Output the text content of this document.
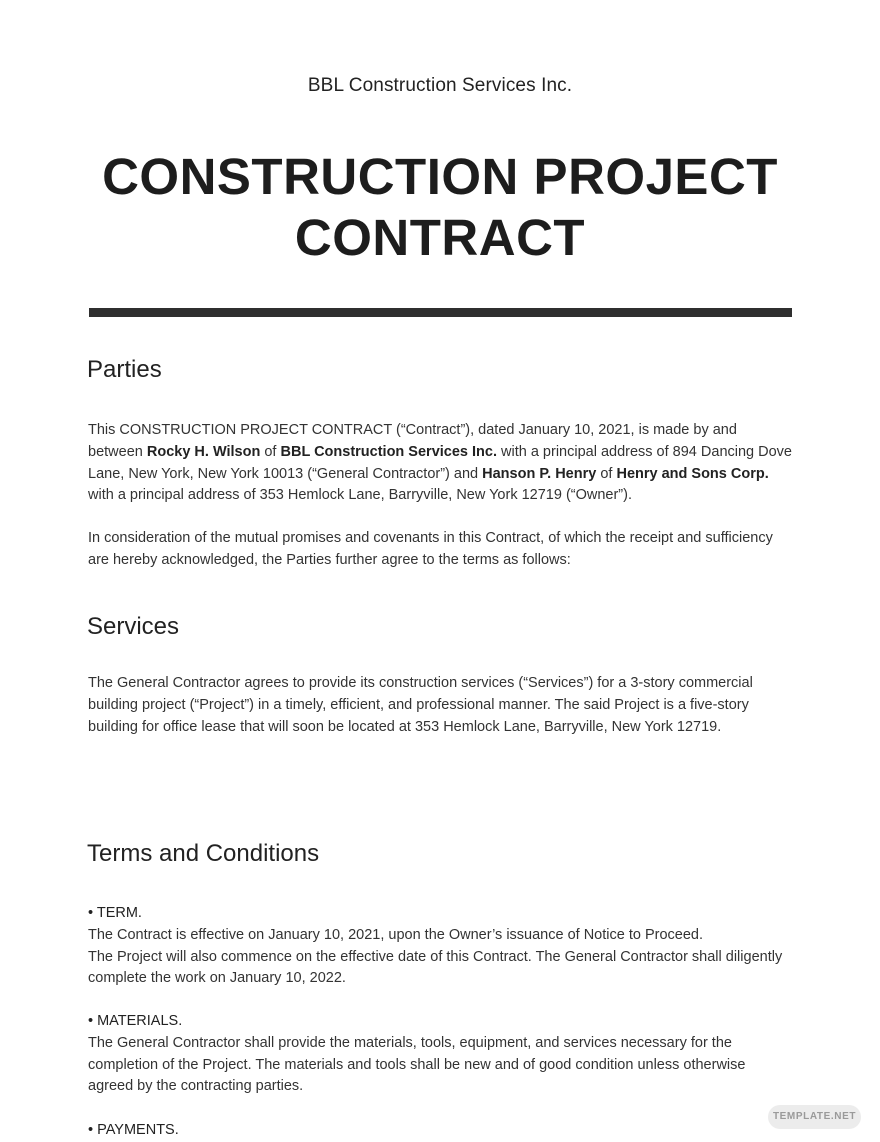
BBL Construction Services Inc.
CONSTRUCTION PROJECT CONTRACT
Parties

This CONSTRUCTION PROJECT CONTRACT (“Contract”), dated January 10, 2021, is made by and between Rocky H. Wilson of BBL Construction Services Inc. with a principal address of 894 Dancing Dove Lane, New York, New York 10013 (“General Contractor”) and Hanson P. Henry of Henry and Sons Corp. with a principal address of 353 Hemlock Lane, Barryville, New York 12719 (“Owner”).

In consideration of the mutual promises and covenants in this Contract, of which the receipt and sufficiency are hereby acknowledged, the Parties further agree to the terms as follows:

Services

The General Contractor agrees to provide its construction services (“Services”) for a 3-story commercial building project (“Project”) in a timely, efficient, and professional manner. The said Project is a five-story building for office lease that will soon be located at 353 Hemlock Lane, Barryville, New York 12719.

Terms and Conditions
• TERM.
The Contract is effective on January 10, 2021, upon the Owner’s issuance of Notice to Proceed.
The Project will also commence on the effective date of this Contract. The General Contractor shall diligently complete the work on January 10, 2022.
• MATERIALS.
The General Contractor shall provide the materials, tools, equipment, and services necessary for the completion of the Project. The materials and tools shall be new and of good condition unless otherwise agreed by the contracting parties.
• PAYMENTS.
TEMPLATE.NET
